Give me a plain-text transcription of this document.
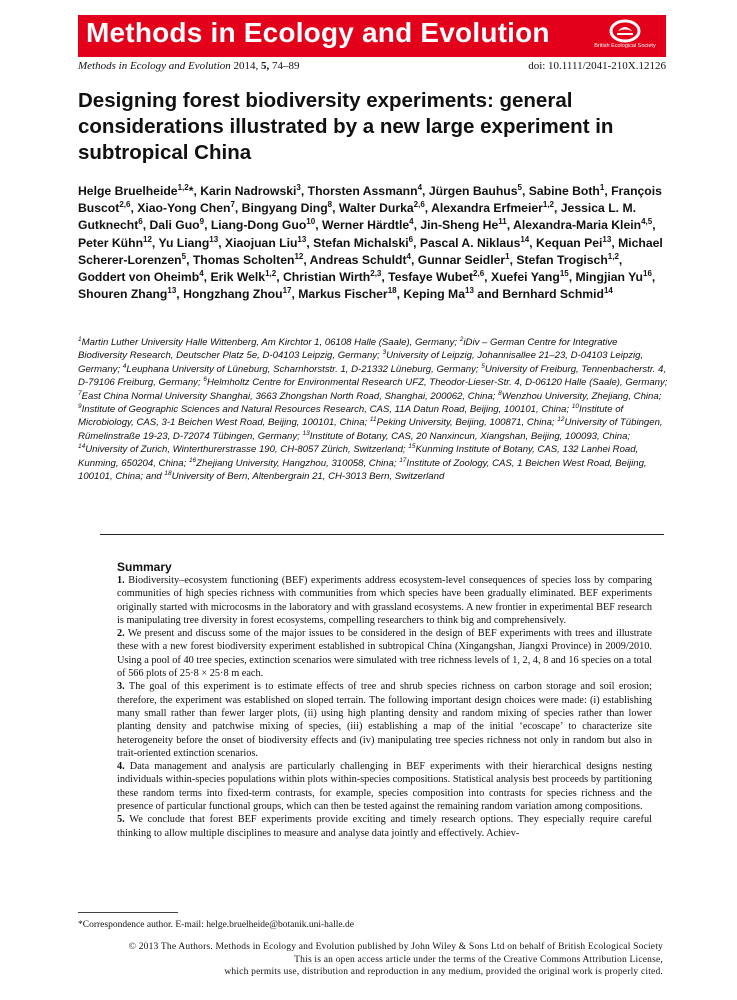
Methods in Ecology and Evolution	British Ecological Society
Methods in Ecology and Evolution 2014, 5, 74–89	doi: 10.1111/2041-210X.12126
Designing forest biodiversity experiments: general considerations illustrated by a new large experiment in subtropical China
Helge Bruelheide$^{1,2}$*, Karin Nadrowski$^3$, Thorsten Assmann$^4$, Jürgen Bauhus$^5$, Sabine Both$^1$, François Buscot$^{2,6}$, Xiao-Yong Chen$^7$, Bingyang Ding$^8$, Walter Durka$^{2,6}$, Alexandra Erfmeier$^{1,2}$, Jessica L. M. Gutknecht$^6$, Dali Guo$^9$, Liang-Dong Guo$^{10}$, Werner Härdtle$^4$, Jin-Sheng He$^{11}$, Alexandra-Maria Klein$^{4,5}$, Peter Kühn$^{12}$, Yu Liang$^{13}$, Xiaojuan Liu$^{13}$, Stefan Michalski$^6$, Pascal A. Niklaus$^{14}$, Kequan Pei$^{13}$, Michael Scherer-Lorenzen$^5$, Thomas Scholten$^{12}$, Andreas Schuldt$^4$, Gunnar Seidler$^1$, Stefan Trogisch$^{1,2}$, Goddert von Oheimb$^4$, Erik Welk$^{1,2}$, Christian Wirth$^{2,3}$, Tesfaye Wubet$^{2,6}$, Xuefei Yang$^{15}$, Mingjian Yu$^{16}$, Shouren Zhang$^{13}$, Hongzhang Zhou$^{17}$, Markus Fischer$^{18}$, Keping Ma$^{13}$ and Bernhard Schmid$^{14}$
$^1$Martin Luther University Halle Wittenberg, Am Kirchtor 1, 06108 Halle (Saale), Germany; $^2$iDiv – German Centre for Integrative Biodiversity Research, Deutscher Platz 5e, D-04103 Leipzig, Germany; $^3$University of Leipzig, Johannisallee 21–23, D-04103 Leipzig, Germany; $^4$Leuphana University of Lüneburg, Scharnhorststr. 1, D-21332 Lüneburg, Germany; $^5$University of Freiburg, Tennenbacherstr. 4, D-79106 Freiburg, Germany; $^6$Helmholtz Centre for Environmental Research UFZ, Theodor-Lieser-Str. 4, D-06120 Halle (Saale), Germany; $^7$East China Normal University Shanghai, 3663 Zhongshan North Road, Shanghai, 200062, China; $^8$Wenzhou University, Zhejiang, China; $^9$Institute of Geographic Sciences and Natural Resources Research, CAS, 11A Datun Road, Beijing, 100101, China; $^{10}$Institute of Microbiology, CAS, 3-1 Beichen West Road, Beijing, 100101, China; $^{11}$Peking University, Beijing, 100871, China; $^{12}$University of Tübingen, Rümelinstraße 19-23, D-72074 Tübingen, Germany; $^{13}$Institute of Botany, CAS, 20 Nanxincun, Xiangshan, Beijing, 100093, China; $^{14}$University of Zurich, Winterthurerstrasse 190, CH-8057 Zürich, Switzerland; $^{15}$Kunming Institute of Botany, CAS, 132 Lanhei Road, Kunming, 650204, China; $^{16}$Zhejiang University, Hangzhou, 310058, China; $^{17}$Institute of Zoology, CAS, 1 Beichen West Road, Beijing, 100101, China; and $^{18}$University of Bern, Altenbergrain 21, CH-3013 Bern, Switzerland
Summary

1. Biodiversity–ecosystem functioning (BEF) experiments address ecosystem-level consequences of species loss by comparing communities of high species richness with communities from which species have been gradually eliminated. BEF experiments originally started with microcosms in the laboratory and with grassland ecosystems. A new frontier in experimental BEF research is manipulating tree diversity in forest ecosystems, compelling researchers to think big and comprehensively.

2. We present and discuss some of the major issues to be considered in the design of BEF experiments with trees and illustrate these with a new forest biodiversity experiment established in subtropical China (Xingangshan, Jiangxi Province) in 2009/2010. Using a pool of 40 tree species, extinction scenarios were simulated with tree richness levels of 1, 2, 4, 8 and 16 species on a total of 566 plots of 25·8 × 25·8 m each.

3. The goal of this experiment is to estimate effects of tree and shrub species richness on carbon storage and soil erosion; therefore, the experiment was established on sloped terrain. The following important design choices were made: (i) establishing many small rather than fewer larger plots, (ii) using high planting density and random mixing of species rather than lower planting density and patchwise mixing of species, (iii) establishing a map of the initial ‘ecoscape’ to characterize site heterogeneity before the onset of biodiversity effects and (iv) manipulating tree species richness not only in random but also in trait-oriented extinction scenarios.

4. Data management and analysis are particularly challenging in BEF experiments with their hierarchical designs nesting individuals within-species populations within plots within-species compositions. Statistical analysis best proceeds by partitioning these random terms into fixed-term contrasts, for example, species composition into contrasts for species richness and the presence of particular functional groups, which can then be tested against the remaining random variation among compositions.

5. We conclude that forest BEF experiments provide exciting and timely research options. They especially require careful thinking to allow multiple disciplines to measure and analyse data jointly and effectively. Achiev-

*Correspondence author. E-mail: helge.bruelheide@botanik.uni-halle.de
© 2013 The Authors. Methods in Ecology and Evolution published by John Wiley & Sons Ltd on behalf of British Ecological Society
This is an open access article under the terms of the Creative Commons Attribution License,
which permits use, distribution and reproduction in any medium, provided the original work is properly cited.
